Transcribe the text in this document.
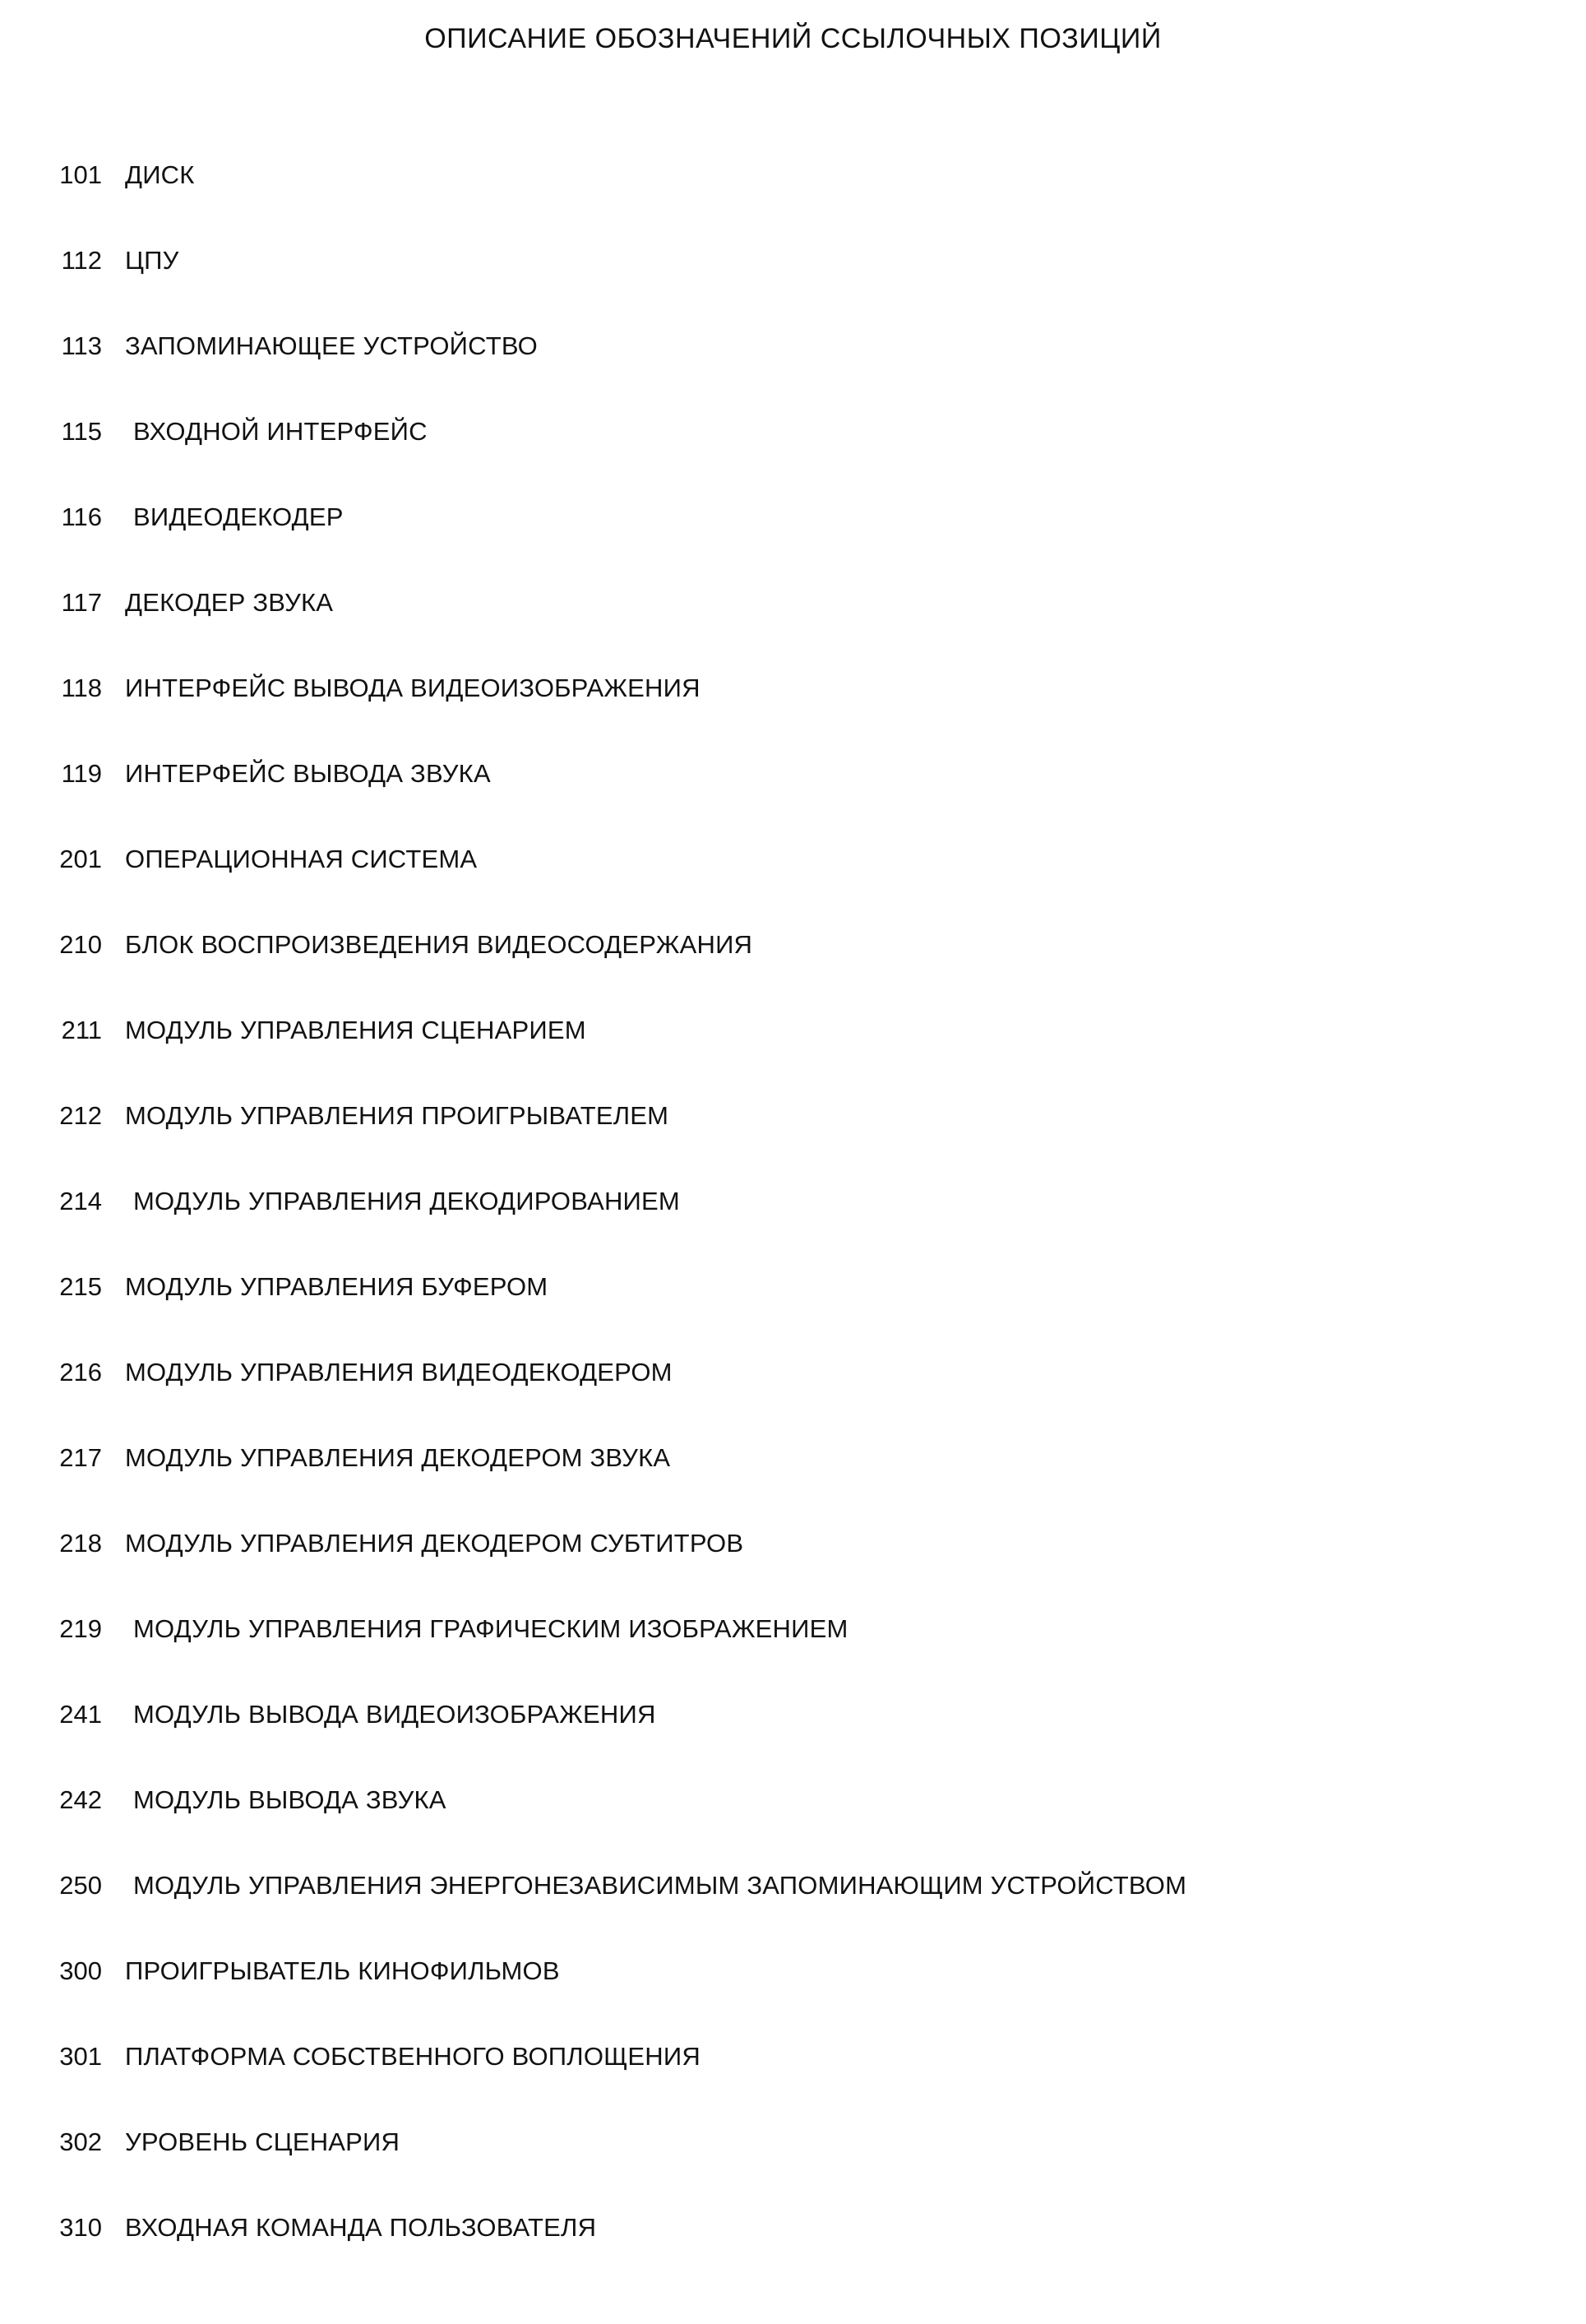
ОПИСАНИЕ ОБОЗНАЧЕНИЙ ССЫЛОЧНЫХ ПОЗИЦИЙ
101 ДИСК
112 ЦПУ
113 ЗАПОМИНАЮЩЕЕ УСТРОЙСТВО
115	ВХОДНОЙ ИНТЕРФЕЙС
116	ВИДЕОДЕКОДЕР
117 ДЕКОДЕР ЗВУКА
118 ИНТЕРФЕЙС ВЫВОДА ВИДЕОИЗОБРАЖЕНИЯ
119 ИНТЕРФЕЙС ВЫВОДА ЗВУКА
201 ОПЕРАЦИОННАЯ СИСТЕМА
210 БЛОК ВОСПРОИЗВЕДЕНИЯ ВИДЕОСОДЕРЖАНИЯ
211 МОДУЛЬ УПРАВЛЕНИЯ СЦЕНАРИЕМ
212 МОДУЛЬ УПРАВЛЕНИЯ ПРОИГРЫВАТЕЛЕМ
214	МОДУЛЬ УПРАВЛЕНИЯ ДЕКОДИРОВАНИЕМ
215 МОДУЛЬ УПРАВЛЕНИЯ БУФЕРОМ
216 МОДУЛЬ УПРАВЛЕНИЯ ВИДЕОДЕКОДЕРОМ
217 МОДУЛЬ УПРАВЛЕНИЯ ДЕКОДЕРОМ ЗВУКА
218 МОДУЛЬ УПРАВЛЕНИЯ ДЕКОДЕРОМ СУБТИТРОВ
219	МОДУЛЬ УПРАВЛЕНИЯ ГРАФИЧЕСКИМ ИЗОБРАЖЕНИЕМ
241	МОДУЛЬ ВЫВОДА ВИДЕОИЗОБРАЖЕНИЯ
242	МОДУЛЬ ВЫВОДА ЗВУКА
250	МОДУЛЬ УПРАВЛЕНИЯ ЭНЕРГОНЕЗАВИСИМЫМ ЗАПОМИНАЮЩИМ УСТРОЙСТВОМ
300 ПРОИГРЫВАТЕЛЬ КИНОФИЛЬМОВ
301 ПЛАТФОРМА СОБСТВЕННОГО ВОПЛОЩЕНИЯ
302 УРОВЕНЬ СЦЕНАРИЯ
310 ВХОДНАЯ КОМАНДА ПОЛЬЗОВАТЕЛЯ
